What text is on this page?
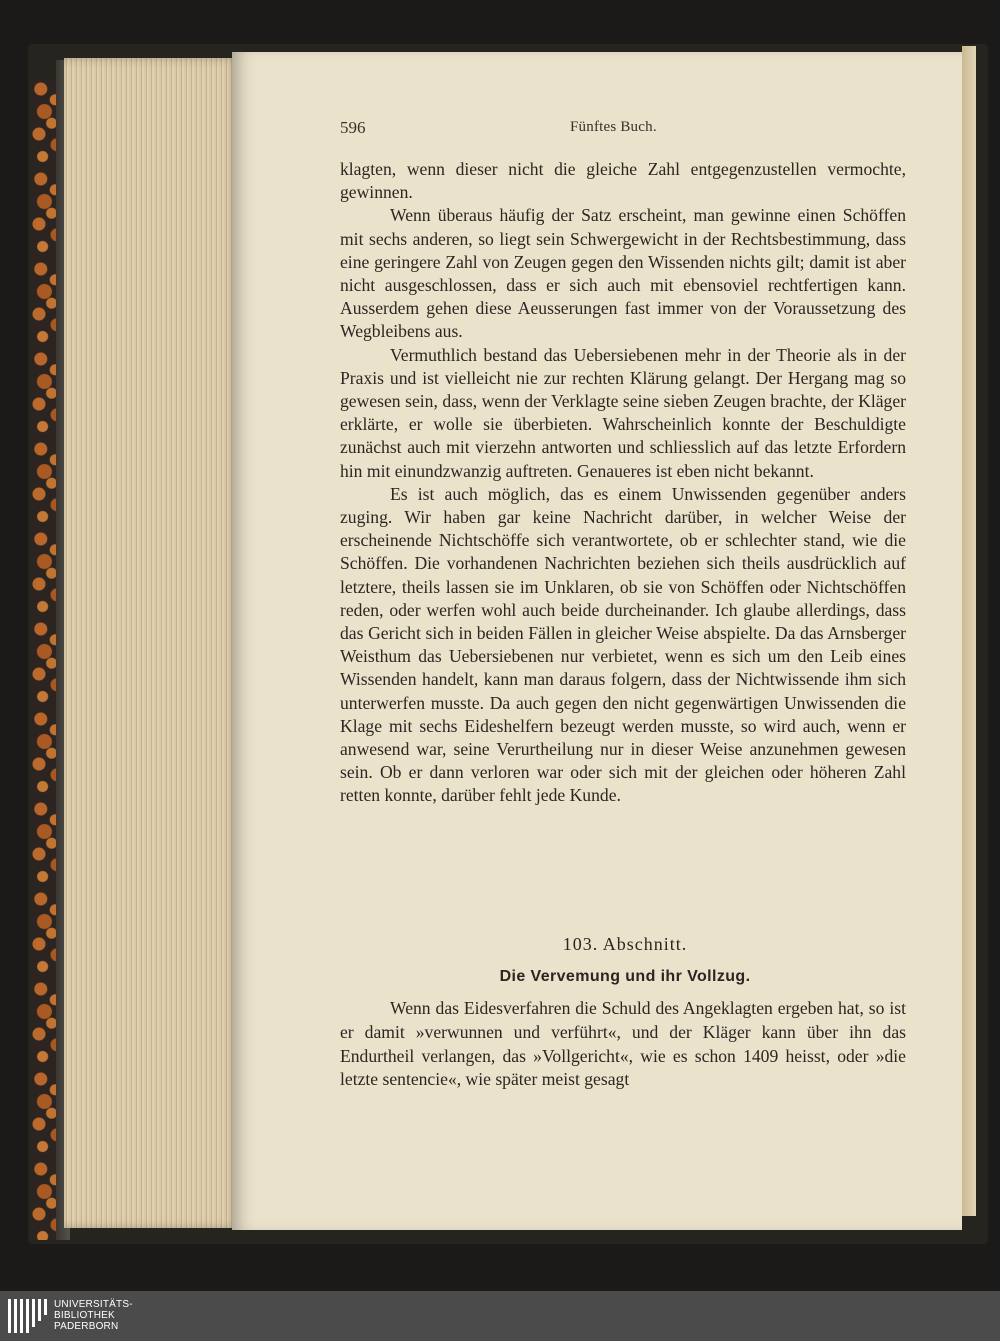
596	Fünftes Buch.

klagten, wenn dieser nicht die gleiche Zahl entgegenzustellen vermochte, gewinnen.

Wenn überaus häufig der Satz erscheint, man gewinne einen Schöffen mit sechs anderen, so liegt sein Schwergewicht in der Rechtsbestimmung, dass eine geringere Zahl von Zeugen gegen den Wissenden nichts gilt; damit ist aber nicht ausgeschlossen, dass er sich auch mit ebensoviel rechtfertigen kann. Ausserdem gehen diese Aeusserungen fast immer von der Voraussetzung des Wegbleibens aus.

Vermuthlich bestand das Uebersiebenen mehr in der Theorie als in der Praxis und ist vielleicht nie zur rechten Klärung gelangt. Der Hergang mag so gewesen sein, dass, wenn der Verklagte seine sieben Zeugen brachte, der Kläger erklärte, er wolle sie überbieten. Wahrscheinlich konnte der Beschuldigte zunächst auch mit vierzehn antworten und schliesslich auf das letzte Erfordern hin mit einundzwanzig auftreten. Genaueres ist eben nicht bekannt.

Es ist auch möglich, das es einem Unwissenden gegenüber anders zuging. Wir haben gar keine Nachricht darüber, in welcher Weise der erscheinende Nichtschöffe sich verantwortete, ob er schlechter stand, wie die Schöffen. Die vorhandenen Nachrichten beziehen sich theils ausdrücklich auf letztere, theils lassen sie im Unklaren, ob sie von Schöffen oder Nichtschöffen reden, oder werfen wohl auch beide durcheinander. Ich glaube allerdings, dass das Gericht sich in beiden Fällen in gleicher Weise abspielte. Da das Arnsberger Weisthum das Uebersiebenen nur verbietet, wenn es sich um den Leib eines Wissenden handelt, kann man daraus folgern, dass der Nichtwissende ihm sich unterwerfen musste. Da auch gegen den nicht gegenwärtigen Unwissenden die Klage mit sechs Eideshelfern bezeugt werden musste, so wird auch, wenn er anwesend war, seine Verurtheilung nur in dieser Weise anzunehmen gewesen sein. Ob er dann verloren war oder sich mit der gleichen oder höheren Zahl retten konnte, darüber fehlt jede Kunde.

103. Abschnitt.
Die Vervemung und ihr Vollzug.

Wenn das Eidesverfahren die Schuld des Angeklagten ergeben hat, so ist er damit »verwunnen und verführt«, und der Kläger kann über ihn das Endurtheil verlangen, das »Vollgericht«, wie es schon 1409 heisst, oder »die letzte sentencie«, wie später meist gesagt

UNIVERSITÄTS-
BIBLIOTHEK
PADERBORN
